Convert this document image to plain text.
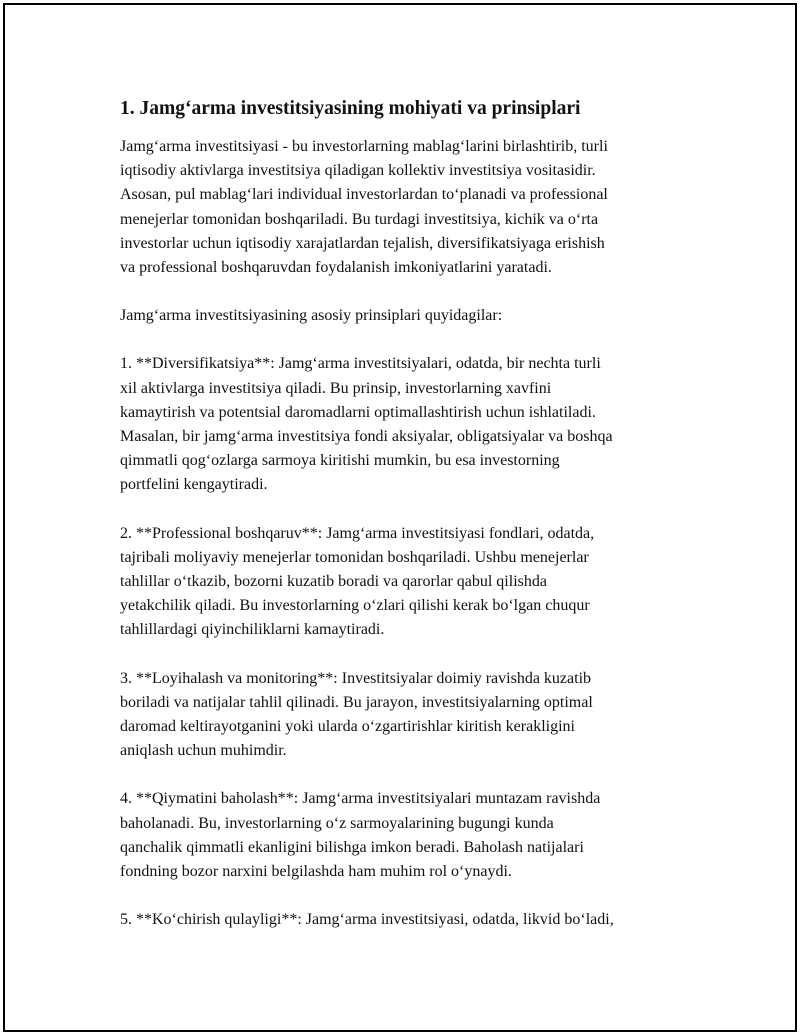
1. Jamg‘arma investitsiyasining mohiyati va prinsiplari

Jamg‘arma investitsiyasi - bu investorlarning mablag‘larini birlashtirib, turli
iqtisodiy aktivlarga investitsiya qiladigan kollektiv investitsiya vositasidir.
Asosan, pul mablag‘lari individual investorlardan to‘planadi va professional
menejerlar tomonidan boshqariladi. Bu turdagi investitsiya, kichik va o‘rta
investorlar uchun iqtisodiy xarajatlardan tejalish, diversifikatsiyaga erishish
va professional boshqaruvdan foydalanish imkoniyatlarini yaratadi.

Jamg‘arma investitsiyasining asosiy prinsiplari quyidagilar:

1. **Diversifikatsiya**: Jamg‘arma investitsiyalari, odatda, bir nechta turli
xil aktivlarga investitsiya qiladi. Bu prinsip, investorlarning xavfini
kamaytirish va potentsial daromadlarni optimallashtirish uchun ishlatiladi.
Masalan, bir jamg‘arma investitsiya fondi aksiyalar, obligatsiyalar va boshqa
qimmatli qog‘ozlarga sarmoya kiritishi mumkin, bu esa investorning
portfelini kengaytiradi.

2. **Professional boshqaruv**: Jamg‘arma investitsiyasi fondlari, odatda,
tajribali moliyaviy menejerlar tomonidan boshqariladi. Ushbu menejerlar
tahlillar o‘tkazib, bozorni kuzatib boradi va qarorlar qabul qilishda
yetakchilik qiladi. Bu investorlarning o‘zlari qilishi kerak bo‘lgan chuqur
tahlillardagi qiyinchiliklarni kamaytiradi.

3. **Loyihalash va monitoring**: Investitsiyalar doimiy ravishda kuzatib
boriladi va natijalar tahlil qilinadi. Bu jarayon, investitsiyalarning optimal
daromad keltirayotganini yoki ularda o‘zgartirishlar kiritish kerakligini
aniqlash uchun muhimdir.

4. **Qiymatini baholash**: Jamg‘arma investitsiyalari muntazam ravishda
baholanadi. Bu, investorlarning o‘z sarmoyalarining bugungi kunda
qanchalik qimmatli ekanligini bilishga imkon beradi. Baholash natijalari
fondning bozor narxini belgilashda ham muhim rol o‘ynaydi.

5. **Ko‘chirish qulayligi**: Jamg‘arma investitsiyasi, odatda, likvid bo‘ladi,
